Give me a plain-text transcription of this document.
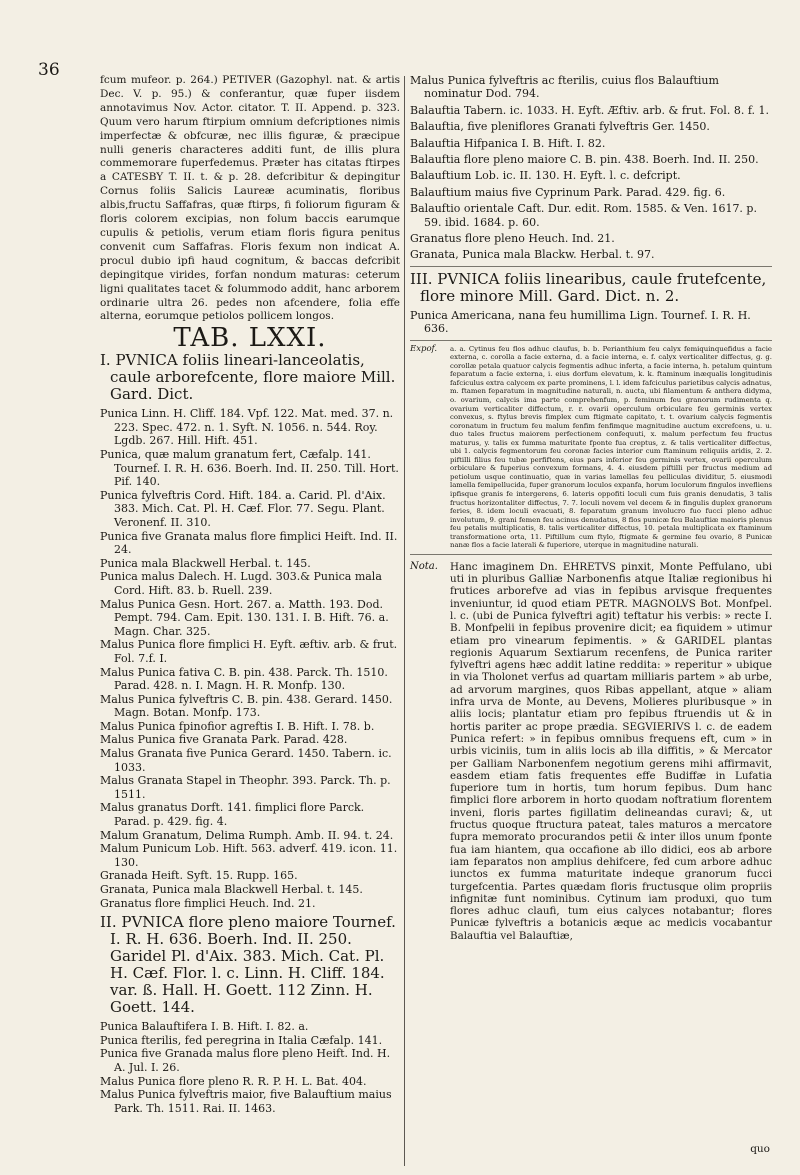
36	fcum mufeor. p. 264.) PETIVER (Gazophyl. nat. & artis Dec. V. p. 95.) & conferantur, quæ fuper iisdem annotavimus Nov. Actor. citator. T. II. Append. p. 323. Quum vero harum ftirpium omnium defcriptiones nimis imperfectæ & obfcuræ, nec illis figuræ, & præcipue nulli generis characteres additi funt, de illis plura commemorare fuperfedemus. Præter has citatas ftirpes a CATESBY T. II. t. & p. 28. defcribitur & depingitur Cornus foliis Salicis Laureæ acuminatis, floribus albis,fructu Saffafras, quæ ftirps, fi foliorum figuram & floris colorem excipias, non folum baccis earumque cupulis & petiolis, verum etiam floris figura penitus convenit cum Saffafras. Floris fexum non indicat A. procul dubio ipfi haud cognitum, & baccas defcribit depingitque virides, forfan nondum maturas: ceterum ligni qualitates tacet & folummodo addit, hanc arborem ordinarie ultra 26. pedes non afcendere, folia effe alterna, eorumque petiolos pollicem longos.

TAB. LXXI.
I. PVNICA foliis lineari-lanceolatis, caule arborefcente, flore maiore Mill. Gard. Dict.

Punica Linn. H. Cliff. 184. Vpf. 122. Mat. med. 37. n. 223. Spec. 472. n. 1. Syft. N. 1056. n. 544. Roy. Lgdb. 267. Hill. Hift. 451.

Punica, quæ malum granatum fert, Cæfalp. 141. Tournef. I. R. H. 636. Boerh. Ind. II. 250. Till. Hort. Pif. 140.

Punica fylveftris Cord. Hift. 184. a. Carid. Pl. d'Aix. 383. Mich. Cat. Pl. H. Cæf. Flor. 77. Segu. Plant. Veronenf. II. 310.

Punica five Granata malus flore fimplici Heift. Ind. II. 24.

Punica mala Blackwell Herbal. t. 145.

Punica malus Dalech. H. Lugd. 303.& Punica mala Cord. Hift. 83. b. Ruell. 239.

Malus Punica Gesn. Hort. 267. a. Matth. 193. Dod. Pempt. 794. Cam. Epit. 130. 131. I. B. Hift. 76. a. Magn. Char. 325.

Malus Punica flore fimplici H. Eyft. æftiv. arb. & frut. Fol. 7.f. I.

Malus Punica fativa C. B. pin. 438. Parck. Th. 1510. Parad. 428. n. I. Magn. H. R. Monfp. 130.

Malus Punica fylveftris C. B. pin. 438. Gerard. 1450. Magn. Botan. Monfp. 173.

Malus Punica fpinofior agreftis I. B. Hift. I. 78. b.

Malus Punica five Granata Park. Parad. 428.

Malus Granata five Punica Gerard. 1450. Tabern. ic. 1033.

Malus Granata Stapel in Theophr. 393. Parck. Th. p. 1511.

Malus granatus Dorft. 141. fimplici flore Parck. Parad. p. 429. fig. 4.

Malum Granatum, Delima Rumph. Amb. II. 94. t. 24.

Malum Punicum Lob. Hift. 563. adverf. 419. icon. 11. 130.

Granada Heift. Syft. 15. Rupp. 165.

Granata, Punica mala Blackwell Herbal. t. 145.

Granatus flore fimplici Heuch. Ind. 21.

II. PVNICA flore pleno maiore Tournef. I. R. H. 636. Boerh. Ind. II. 250. Garidel Pl. d'Aix. 383. Mich. Cat. Pl. H. Cæf. Flor. l. c. Linn. H. Cliff. 184. var. ß. Hall. H. Goett. 112 Zinn. H. Goett. 144.

Punica Balauftifera I. B. Hift. I. 82. a.

Punica fterilis, fed peregrina in Italia Cæfalp. 141.

Punica five Granada malus flore pleno Heift. Ind. H. A. Jul. I. 26.

Malus Punica flore pleno R. R. P. H. L. Bat. 404.

Malus Punica fylveftris maior, five Balauftium maius Park. Th. 1511. Rai. II. 1463.

Malus Punica fylveftris ac fterilis, cuius flos Balauftium nominatur Dod. 794.

Balauftia Tabern. ic. 1033. H. Eyft. Æftiv. arb. & frut. Fol. 8. f. 1.

Balauftia, five pleniflores Granati fylveftris Ger. 1450.

Balauftia Hifpanica I. B. Hift. I. 82.

Balauftia flore pleno maiore C. B. pin. 438. Boerh. Ind. II. 250.

Balauftium Lob. ic. II. 130. H. Eyft. l. c. defcript.

Balauftium maius five Cyprinum Park. Parad. 429. fig. 6.

Balauftio orientale Caft. Dur. edit. Rom. 1585. & Ven. 1617. p. 59. ibid. 1684. p. 60.

Granatus flore pleno Heuch. Ind. 21.

Granata, Punica mala Blackw. Herbal. t. 97.

III. PVNICA foliis linearibus, caule frutefcente, flore minore Mill. Gard. Dict. n. 2.

Punica Americana, nana feu humillima Lign. Tournef. I. R. H. 636.

Expof. a. a. Cytinus feu flos adhuc claufus, b. b. Perianthium feu calyx femiquinquefidus a facie externa, c. corolla a facie externa, d. a facie interna, e. f. calyx verticaliter diffectus, g. g. corollæ petala quatuor calycis fegmentis adhuc inferta, a facie interna, h. petalum quintum feparatum a facie externa, i. eius dorfum elevatum, k. k. ftaminum inæqualis longitudinis fafciculus extra calycem ex parte prominens, l. l. idem fafciculus parietibus calycis adnatus, m. ftamen feparatum in magnitudine naturali, n. aucta, ubi filamentum & anthera didyma, o. ovarium, calycis ima parte comprehenfum, p. feminum feu granorum rudimenta q. ovarium verticaliter diffectum, r. r. ovarii operculum orbiculare feu germinis vertex convexus, s. ftylus brevis fimplex cum ftigmate capitato, t. t. ovarium calycis fegmentis coronatum in fructum feu malum fenfim fenfimque magnitudine auctum excrefcens, u. u. duo tales fructus maiorem perfectionem confequuti, x. malum perfectum feu fructus maturus, y. talis ex fumma maturitate fponte fua creptus, z. & talis verticaliter diffectus, ubi 1. calycis fegmentorum feu coronæ facies interior cum ftaminum reliquiis aridis, 2. 2. piftilli filius feu tubæ perfiftens, eius pars inferior feu germinis vertex, ovarii operculum orbiculare & fuperius convexum formans, 4. 4. eiusdem piftilli per fructus medium ad petiolum usque continuatio, quæ in varias lamellas feu pelliculas dividitur, 5. eiusmodi lamella femipellucida, fuper granorum loculos expanfa, horum loculorum fingulos invefliens ipfisque granis fe intergerens, 6. lateris oppofiti loculi cum fuis granis denudatis, 3 talis fructus horizontaliter diffectus, 7. 7. loculi novem vel decem & in fingulis duplex granorum feries, 8. idem loculi evacuati, 8. feparatum granum involucro fuo fucci pleno adhuc involutum, 9. grani femen feu acinus denudatus, 8 flos punicæ feu Balauftiæ maioris plenus feu petalis multiplicatis, 8. talis verticaliter diffectus, 10. petala multiplicata ex ftaminum transformatione orta, 11. Piftillum cum ftylo, ftigmate & germine feu ovario, 8 Punicæ nanæ flos a facie laterali & fuperiore, uterque in magnitudine naturali.
Nota. Hanc imaginem Dn. EHRETVS pinxit, Monte Peffulano, ubi uti in pluribus Galliæ Narbonenfis atque Italiæ regionibus hi frutices arborefve ad vias in fepibus arvisque frequentes inveniuntur, id quod etiam PETR. MAGNOLVS Bot. Monfpel. l. c. (ubi de Punica fylveftri agit) teftatur his verbis: » recte I. B. Monfpelii in fepibus provenire dicit; ea fiquidem » utimur etiam pro vinearum fepimentis. » & GARIDEL plantas regionis Aquarum Sextiarum recenfens, de Punica rariter fylveftri agens hæc addit latine reddita: » reperitur » ubique in via Tholonet verfus ad quartam milliaris partem » ab urbe, ad arvorum margines, quos Ribas appellant, atque » aliam infra urva de Monte, au Devens, Molieres pluribusque » in aliis locis; plantatur etiam pro fepibus ftruendis ut & in hortis pariter ac prope prædia. SEGVIERIVS l. c. de eadem Punica refert: » in fepibus omnibus frequens eft, cum » in urbis viciniis, tum in aliis locis ab illa diffitis, » & Mercator per Galliam Narbonenfem negotium gerens mihi affirmavit, easdem etiam fatis frequentes effe Budiffæ in Lufatia fuperiore tum in hortis, tum horum fepibus. Dum hanc fimplici flore arborem in horto quodam noftratium florentem inveni, floris partes figillatim delineandas curavi; &, ut fructus quoque ftructura pateat, tales maturos a mercatore fupra memorato procurandos petii & inter illos unum fponte fua iam hiantem, qua occafione ab illo didici, eos ab arbore iam feparatos non amplius dehifcere, fed cum arbore adhuc iunctos ex fumma maturitate indeque granorum fucci turgefcentia. Partes quædam floris fructusque olim propriis infignitæ funt nominibus. Cytinum iam produxi, quo tum flores adhuc claufi, tum eius calyces notabantur; flores Punicæ fylveftris a botanicis æque ac medicis vocabantur Balauftia vel Balauftiæ,
quo
